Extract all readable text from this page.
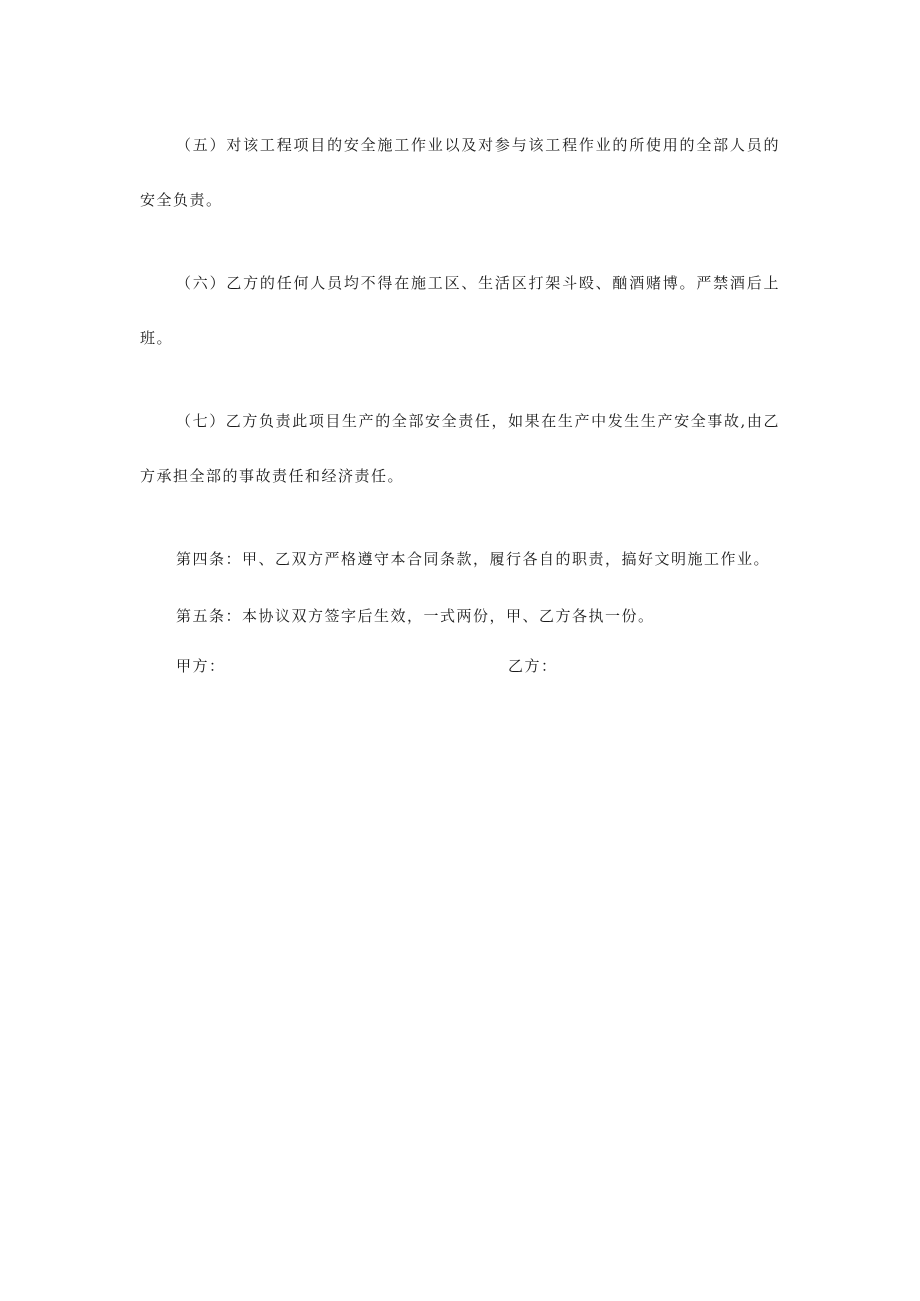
（五）对该工程项目的安全施工作业以及对参与该工程作业的所使用的全部人员的安全负责。

（六）乙方的任何人员均不得在施工区、生活区打架斗殴、酗酒赌博。严禁酒后上班。

（七）乙方负责此项目生产的全部安全责任，如果在生产中发生生产安全事故,由乙方承担全部的事故责任和经济责任。

第四条：甲、乙双方严格遵守本合同条款，履行各自的职责，搞好文明施工作业。

第五条：本协议双方签字后生效，一式两份，甲、乙方各执一份。

甲方：	乙方：
